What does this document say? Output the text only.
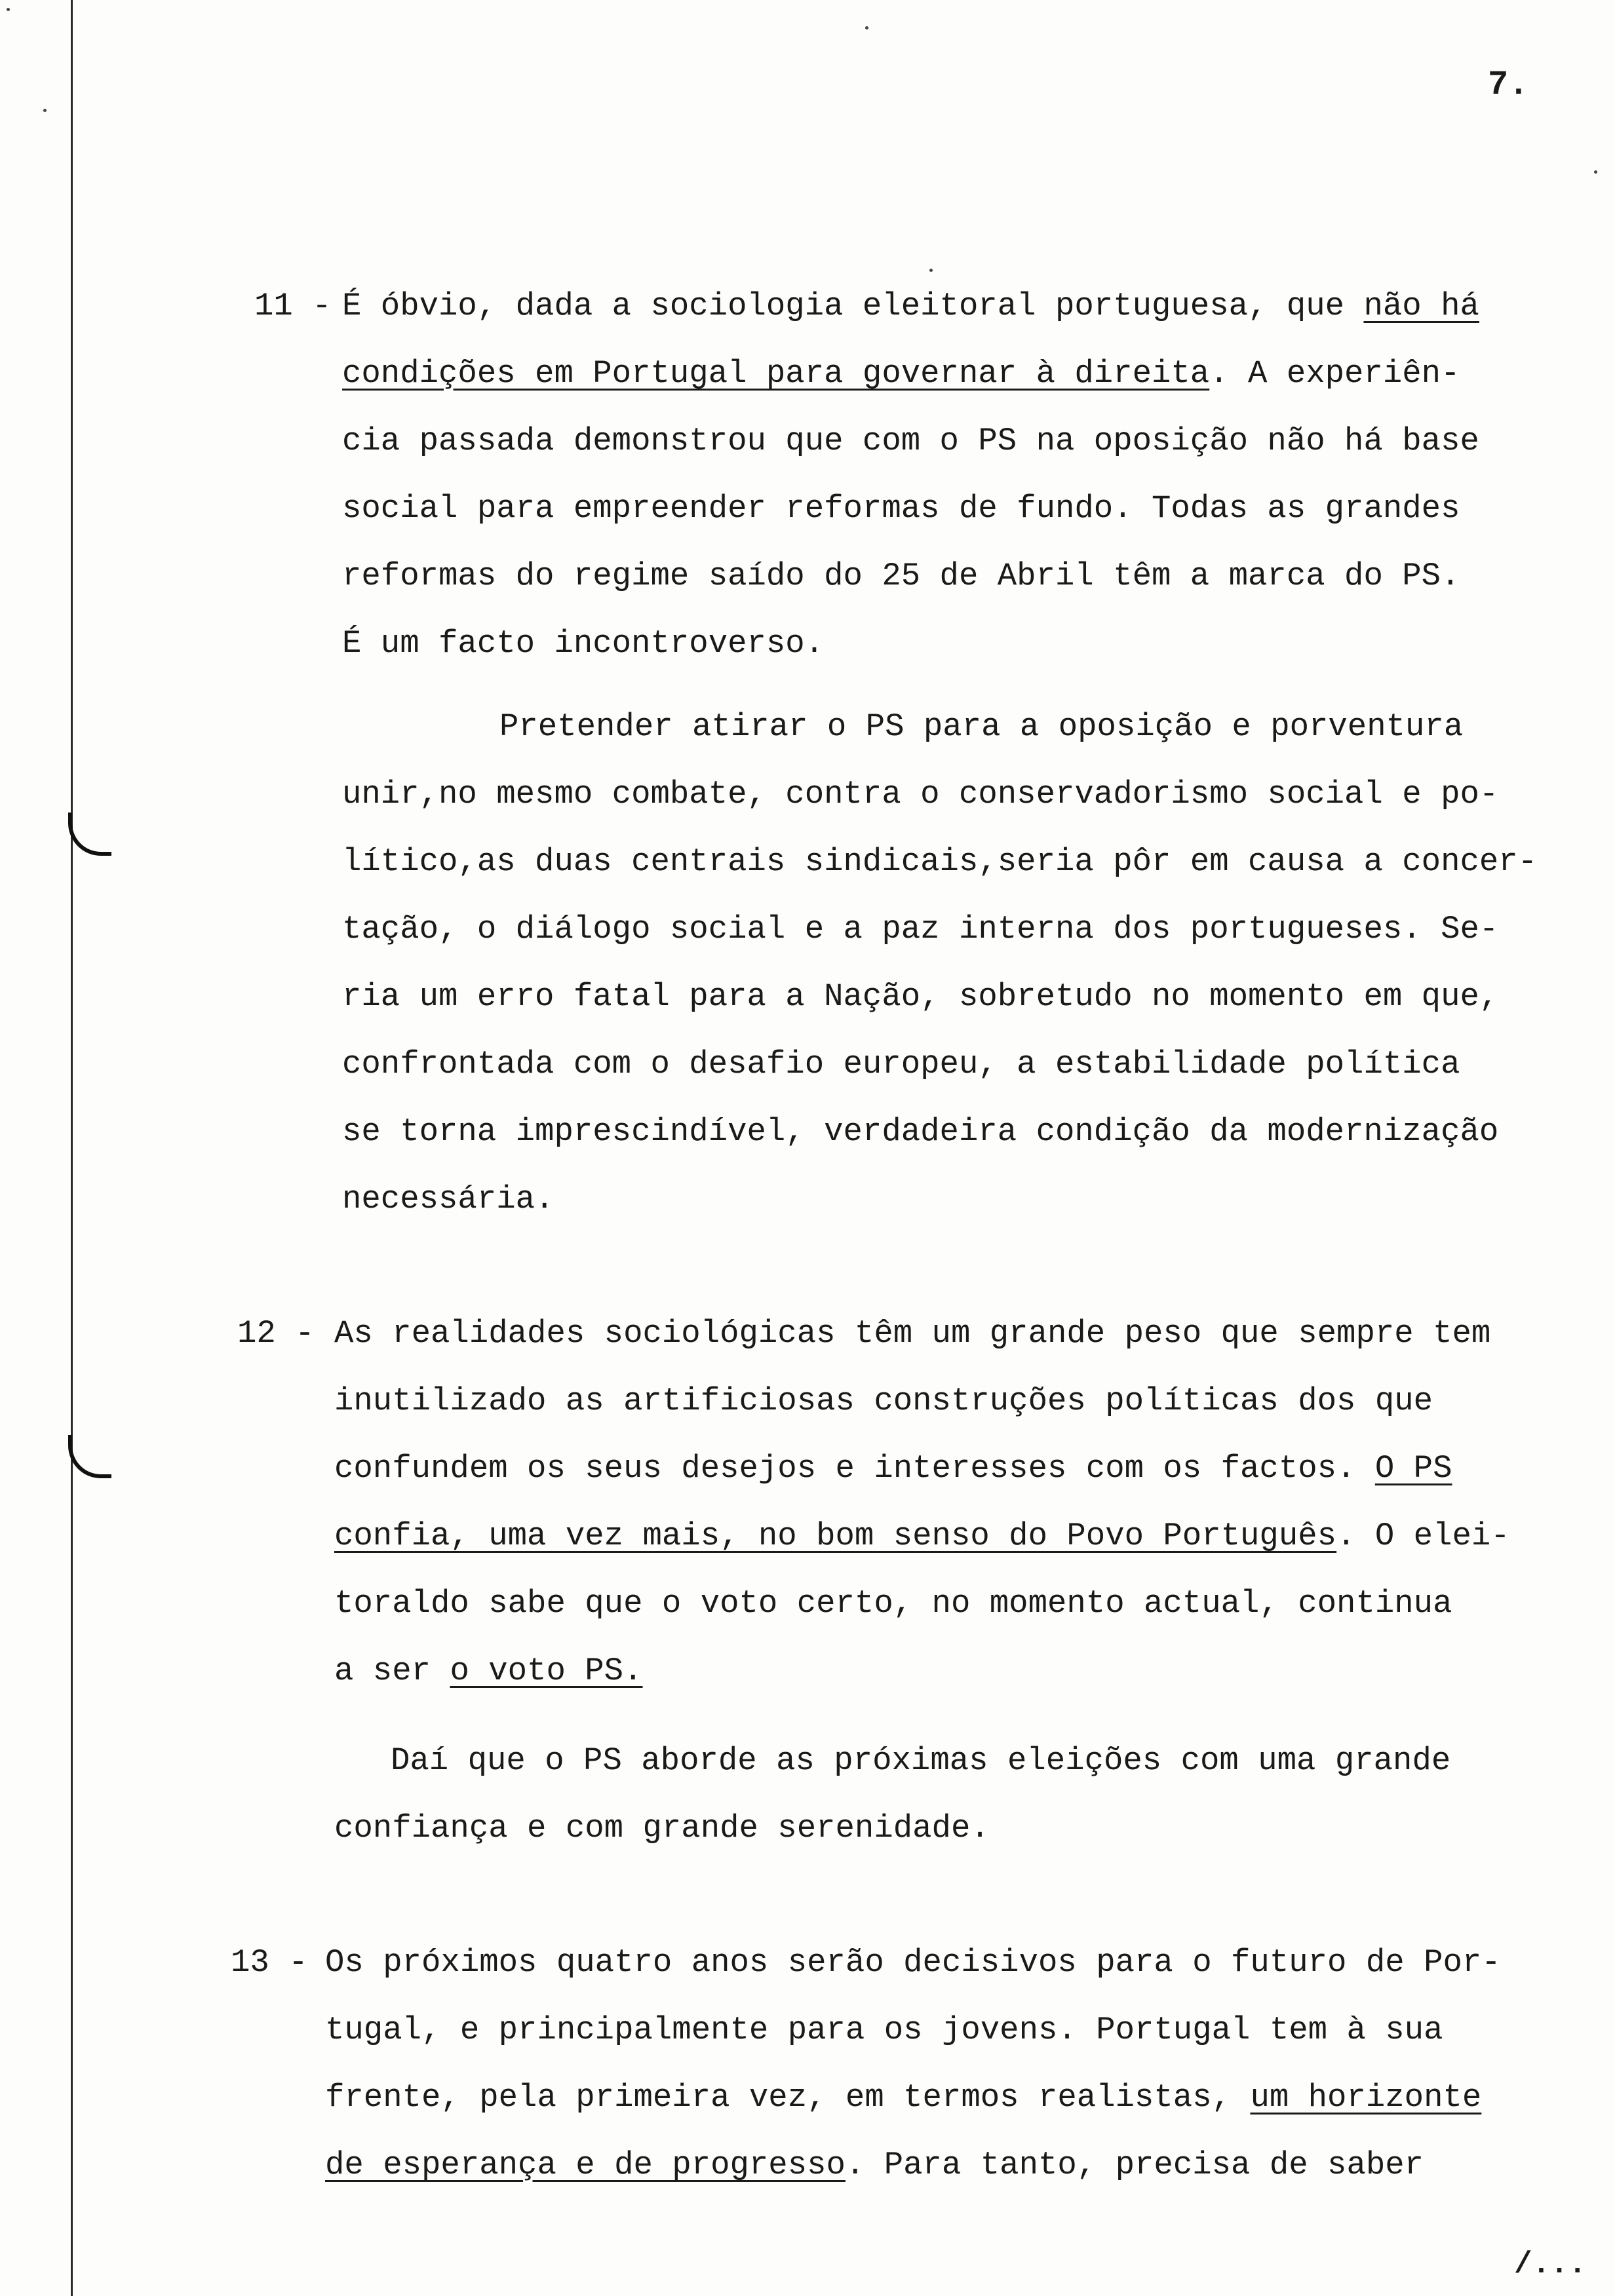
7.

11 - É óbvio, dada a sociologia eleitoral portuguesa, que não há
condições em Portugal para governar à direita. A experiên-
cia passada demonstrou que com o PS na oposição não há base
social para empreender reformas de fundo. Todas as grandes
reformas do regime saído do 25 de Abril têm a marca do PS.
É um facto incontroverso.
Pretender atirar o PS para a oposição e porventura
unir,no mesmo combate, contra o conservadorismo social e po-
lítico,as duas centrais sindicais,seria pôr em causa a concer-
tação, o diálogo social e a paz interna dos portugueses. Se-
ria um erro fatal para a Nação, sobretudo no momento em que,
confrontada com o desafio europeu, a estabilidade política
se torna imprescindível, verdadeira condição da modernização
necessária.
12 - As realidades sociológicas têm um grande peso que sempre tem
inutilizado as artificiosas construções políticas dos que
confundem os seus desejos e interesses com os factos. O PS
confia, uma vez mais, no bom senso do Povo Português. O elei-
toraldo sabe que o voto certo, no momento actual, continua
a ser o voto PS.
Daí que o PS aborde as próximas eleições com uma grande
confiança e com grande serenidade.
13 - Os próximos quatro anos serão decisivos para o futuro de Por-
tugal, e principalmente para os jovens. Portugal tem à sua
frente, pela primeira vez, em termos realistas, um horizonte
de esperança e de progresso. Para tanto, precisa de saber

/...
